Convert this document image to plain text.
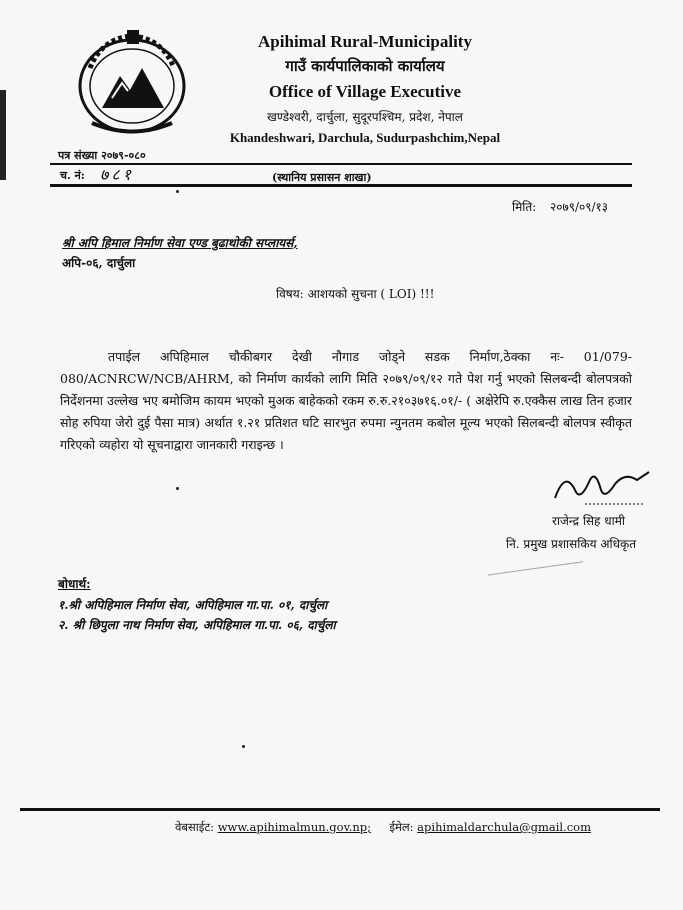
Apihimal Rural-Municipality
गाउँ कार्यपालिकाको कार्यालय
Office of Village Executive
खण्डेश्वरी, दार्चुला, सुदूरपश्चिम, प्रदेश, नेपाल
Khandeshwari, Darchula, Sudurpashchim,Nepal
पत्र संख्या २०७९-०८०
च. नं: ७८१	(स्थानिय प्रसासन शाखा)
मिति: २०७९/०९/१३
श्री अपि हिमाल निर्माण सेवा एण्ड बुढाथोकी सप्लायर्स,
अपि-०६, दार्चुला
विषय: आशयको सुचना ( LOI) !!!
तपाईल अपिहिमाल चौकीबगर देखी नौगाड जोड्ने सडक निर्माण,ठेक्का नः- 01/079-080/ACNRCW/NCB/AHRM, को निर्माण कार्यको लागि मिति २०७९/०९/१२ गते पेश गर्नु भएको सिलबन्दी बोलपत्रको निर्देशनमा उल्लेख भए बमोजिम कायम भएको मुअक बाहेकको रकम रु.रु.२१०३७१६.०१/- ( अक्षेरेपि रु.एक्कैस लाख तिन हजार सोह रुपिया जेरो दुई पैसा मात्र) अर्थात १.२१ प्रतिशत घटि सारभुत रुपमा न्युनतम कबोल मूल्य भएको सिलबन्दी बोलपत्र स्वीकृत गरिएको व्यहोरा यो सूचनाद्वारा जानकारी गराइन्छ ।
राजेन्द्र सिह धामी
नि. प्रमुख प्रशासकिय अधिकृत
बोधार्थ:
१.श्री अपिहिमाल निर्माण सेवा, अपिहिमाल गा.पा. ०१, दार्चुला
२. श्री छिपुला नाथ निर्माण सेवा, अपिहिमाल गा.पा. ०६, दार्चुला
वेबसाईट: www.apihimalmun.gov.np; ईमेल: apihimaldarchula@gmail.com
